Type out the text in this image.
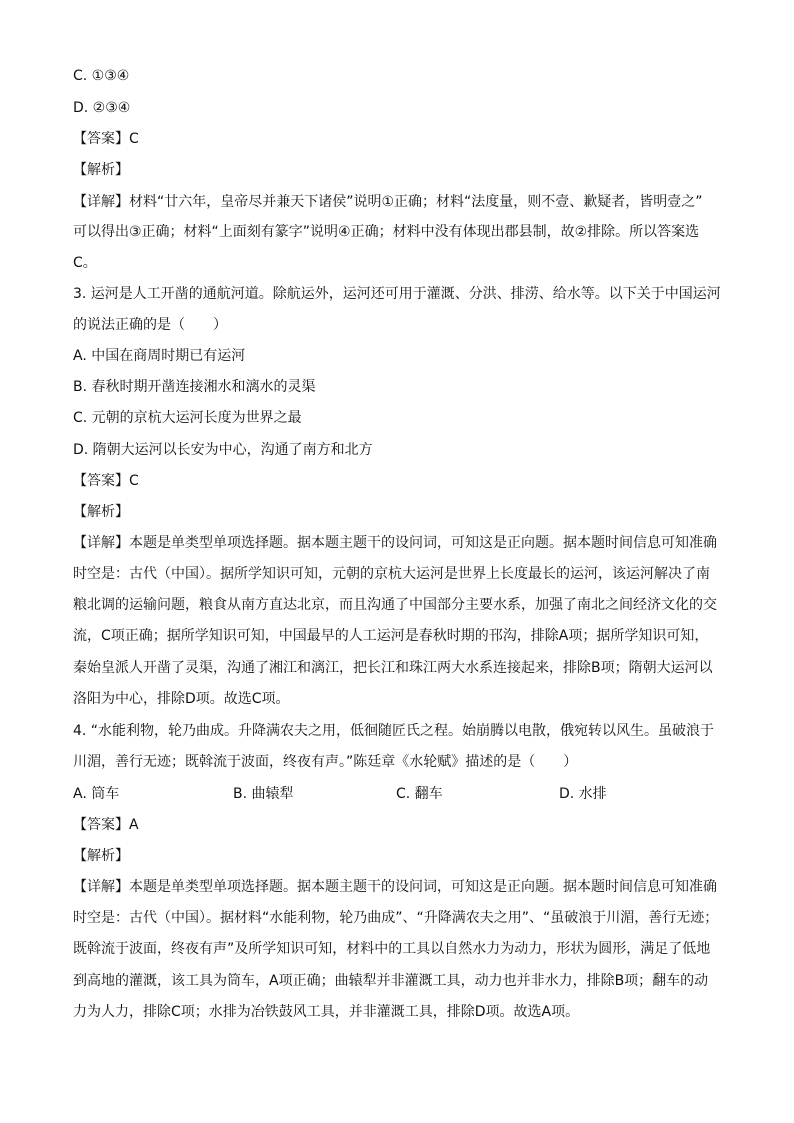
C. ①③④
D. ②③④
【答案】C
【解析】
【详解】材料“廿六年，皇帝尽并兼天下诸侯”说明①正确；材料“法度量，则不壹、歉疑者，皆明壹之”
可以得出③正确；材料“上面刻有篆字”说明④正确；材料中没有体现出郡县制，故②排除。所以答案选
C。
3. 运河是人工开凿的通航河道。除航运外，运河还可用于灌溉、分洪、排涝、给水等。以下关于中国运河
的说法正确的是（　　）
A. 中国在商周时期已有运河
B. 春秋时期开凿连接湘水和漓水的灵渠
C. 元朝的京杭大运河长度为世界之最
D. 隋朝大运河以长安为中心，沟通了南方和北方
【答案】C
【解析】
【详解】本题是单类型单项选择题。据本题主题干的设问词，可知这是正向题。据本题时间信息可知准确
时空是：古代（中国）。据所学知识可知，元朝的京杭大运河是世界上长度最长的运河，该运河解决了南
粮北调的运输问题，粮食从南方直达北京，而且沟通了中国部分主要水系，加强了南北之间经济文化的交
流，C项正确；据所学知识可知，中国最早的人工运河是春秋时期的邗沟，排除A项；据所学知识可知，
秦始皇派人开凿了灵渠，沟通了湘江和漓江，把长江和珠江两大水系连接起来，排除B项；隋朝大运河以
洛阳为中心，排除D项。故选C项。
4. “水能利物，轮乃曲成。升降满农夫之用，低徊随匠氏之程。始崩腾以电散，俄宛转以风生。虽破浪于
川湄，善行无迹；既斡流于波面，终夜有声。”陈廷章《水轮赋》描述的是（　　）
A. 筒车	B. 曲辕犁	C. 翻车	D. 水排
【答案】A
【解析】
【详解】本题是单类型单项选择题。据本题主题干的设问词，可知这是正向题。据本题时间信息可知准确
时空是：古代（中国）。据材料“水能利物，轮乃曲成”、“升降满农夫之用”、“虽破浪于川湄，善行无迹；
既斡流于波面，终夜有声”及所学知识可知，材料中的工具以自然水力为动力，形状为圆形，满足了低地
到高地的灌溉，该工具为筒车，A项正确；曲辕犁并非灌溉工具，动力也并非水力，排除B项；翻车的动
力为人力，排除C项；水排为冶铁鼓风工具，并非灌溉工具，排除D项。故选A项。
